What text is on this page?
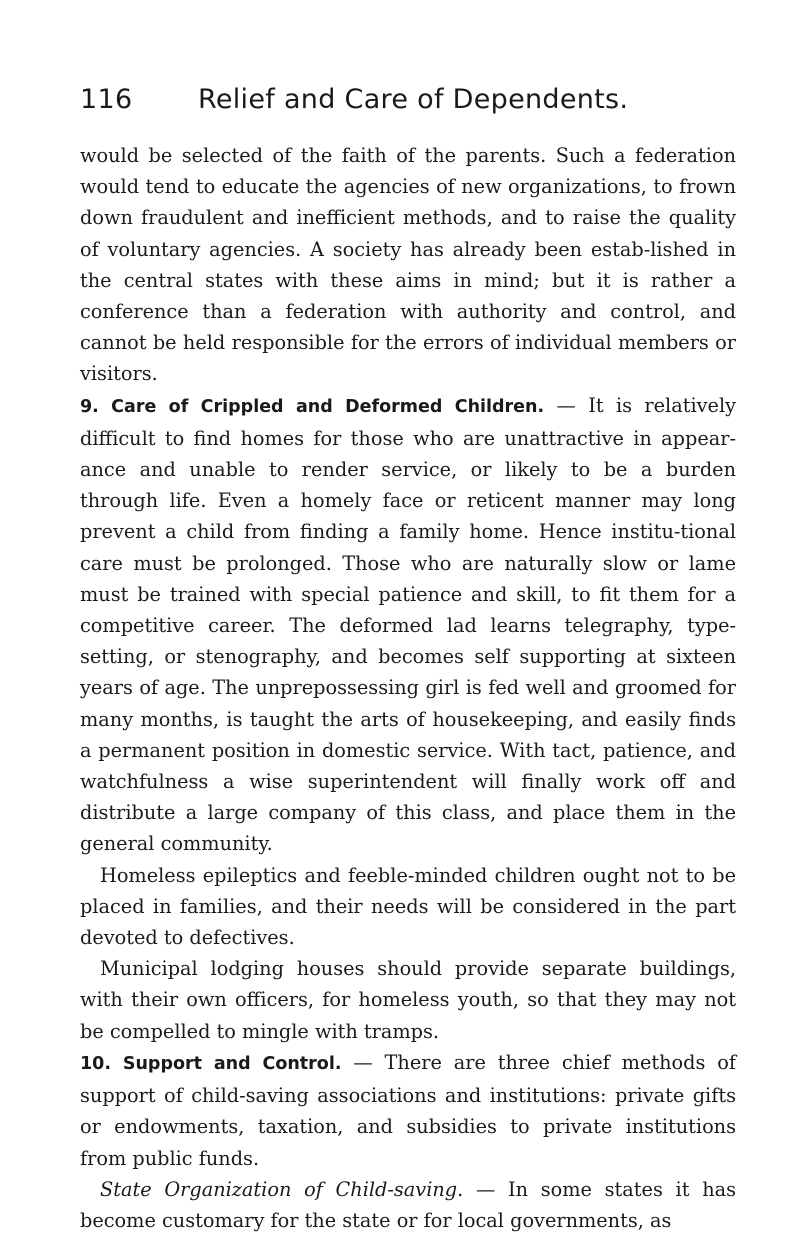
116 Relief and Care of Dependents.

would be selected of the faith of the parents. Such a federation would tend to educate the agencies of new organizations, to frown down fraudulent and inefficient methods, and to raise the quality of voluntary agencies. A society has already been estab-lished in the central states with these aims in mind; but it is rather a conference than a federation with authority and control, and cannot be held responsible for the errors of individual members or visitors.

9. Care of Crippled and Deformed Children. — It is relatively difficult to find homes for those who are unattractive in appear-ance and unable to render service, or likely to be a burden through life. Even a homely face or reticent manner may long prevent a child from finding a family home. Hence institu-tional care must be prolonged. Those who are naturally slow or lame must be trained with special patience and skill, to fit them for a competitive career. The deformed lad learns telegraphy, type-setting, or stenography, and becomes self supporting at sixteen years of age. The unprepossessing girl is fed well and groomed for many months, is taught the arts of housekeeping, and easily finds a permanent position in domestic service. With tact, patience, and watchfulness a wise superintendent will finally work off and distribute a large company of this class, and place them in the general community.

Homeless epileptics and feeble-minded children ought not to be placed in families, and their needs will be considered in the part devoted to defectives.

Municipal lodging houses should provide separate buildings, with their own officers, for homeless youth, so that they may not be compelled to mingle with tramps.

10. Support and Control. — There are three chief methods of support of child-saving associations and institutions: private gifts or endowments, taxation, and subsidies to private institutions from public funds.

State Organization of Child-saving. — In some states it has become customary for the state or for local governments, as
